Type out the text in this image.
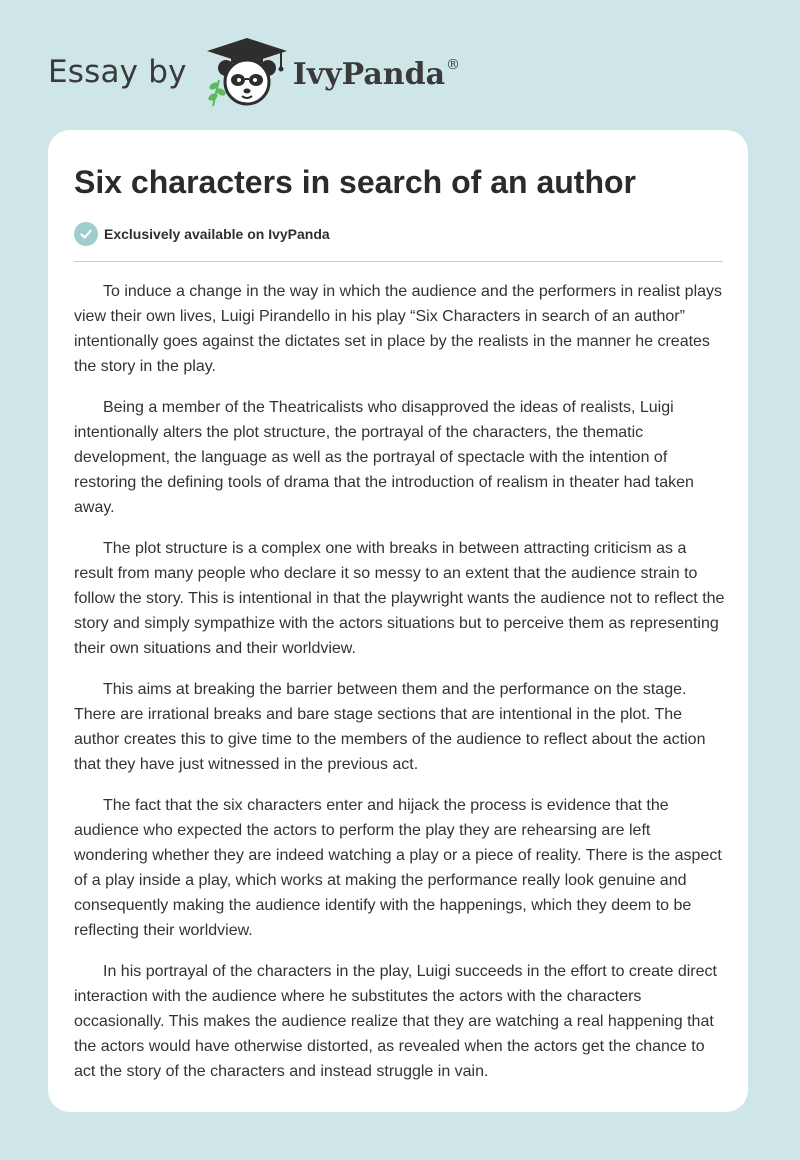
Essay by	IvyPanda®
Six characters in search of an author
Exclusively available on IvyPanda

To induce a change in the way in which the audience and the performers in realist plays view their own lives, Luigi Pirandello in his play “Six Characters in search of an author” intentionally goes against the dictates set in place by the realists in the manner he creates the story in the play.

Being a member of the Theatricalists who disapproved the ideas of realists, Luigi intentionally alters the plot structure, the portrayal of the characters, the thematic development, the language as well as the portrayal of spectacle with the intention of restoring the defining tools of drama that the introduction of realism in theater had taken away.

The plot structure is a complex one with breaks in between attracting criticism as a result from many people who declare it so messy to an extent that the audience strain to follow the story. This is intentional in that the playwright wants the audience not to reflect the story and simply sympathize with the actors situations but to perceive them as representing their own situations and their worldview.

This aims at breaking the barrier between them and the performance on the stage. There are irrational breaks and bare stage sections that are intentional in the plot. The author creates this to give time to the members of the audience to reflect about the action that they have just witnessed in the previous act.

The fact that the six characters enter and hijack the process is evidence that the audience who expected the actors to perform the play they are rehearsing are left wondering whether they are indeed watching a play or a piece of reality. There is the aspect of a play inside a play, which works at making the performance really look genuine and consequently making the audience identify with the happenings, which they deem to be reflecting their worldview.

In his portrayal of the characters in the play, Luigi succeeds in the effort to create direct interaction with the audience where he substitutes the actors with the characters occasionally. This makes the audience realize that they are watching a real happening that the actors would have otherwise distorted, as revealed when the actors get the chance to act the story of the characters and instead struggle in vain.
